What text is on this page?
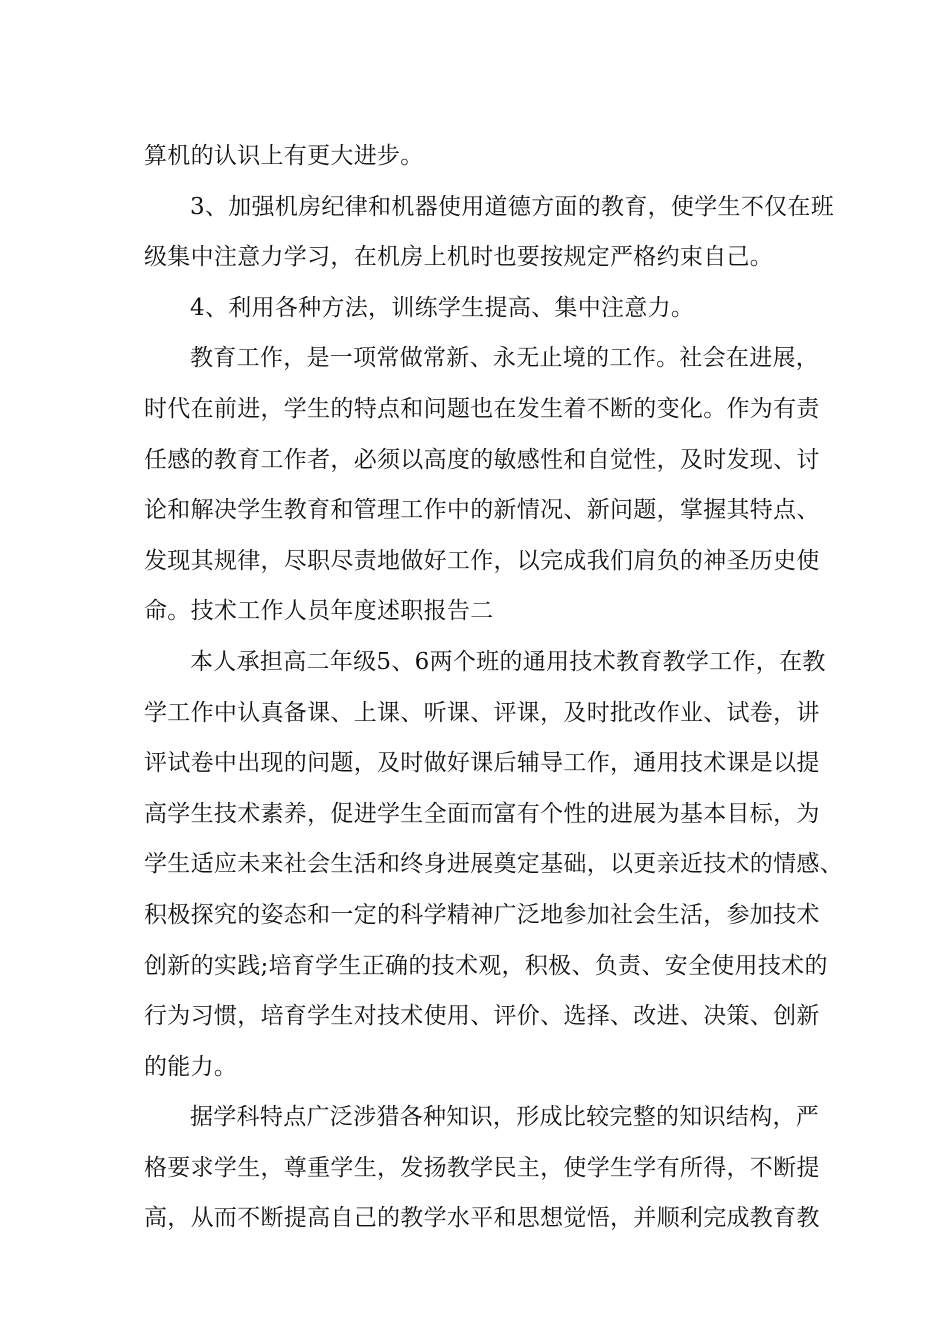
算机的认识上有更大进步。
3、加强机房纪律和机器使用道德方面的教育，使学生不仅在班
级集中注意力学习，在机房上机时也要按规定严格约束自己。
4、利用各种方法，训练学生提高、集中注意力。
教育工作，是一项常做常新、永无止境的工作。社会在进展，
时代在前进，学生的特点和问题也在发生着不断的变化。作为有责
任感的教育工作者，必须以高度的敏感性和自觉性，及时发现、讨
论和解决学生教育和管理工作中的新情况、新问题，掌握其特点、
发现其规律，尽职尽责地做好工作，以完成我们肩负的神圣历史使
命。技术工作人员年度述职报告二
本人承担高二年级5、6两个班的通用技术教育教学工作，在教
学工作中认真备课、上课、听课、评课，及时批改作业、试卷，讲
评试卷中出现的问题，及时做好课后辅导工作，通用技术课是以提
高学生技术素养，促进学生全面而富有个性的进展为基本目标，为
学生适应未来社会生活和终身进展奠定基础，以更亲近技术的情感、
积极探究的姿态和一定的科学精神广泛地参加社会生活，参加技术
创新的实践;培育学生正确的技术观，积极、负责、安全使用技术的
行为习惯，培育学生对技术使用、评价、选择、改进、决策、创新
的能力。
据学科特点广泛涉猎各种知识，形成比较完整的知识结构，严
格要求学生，尊重学生，发扬教学民主，使学生学有所得，不断提
高，从而不断提高自己的教学水平和思想觉悟，并顺利完成教育教
